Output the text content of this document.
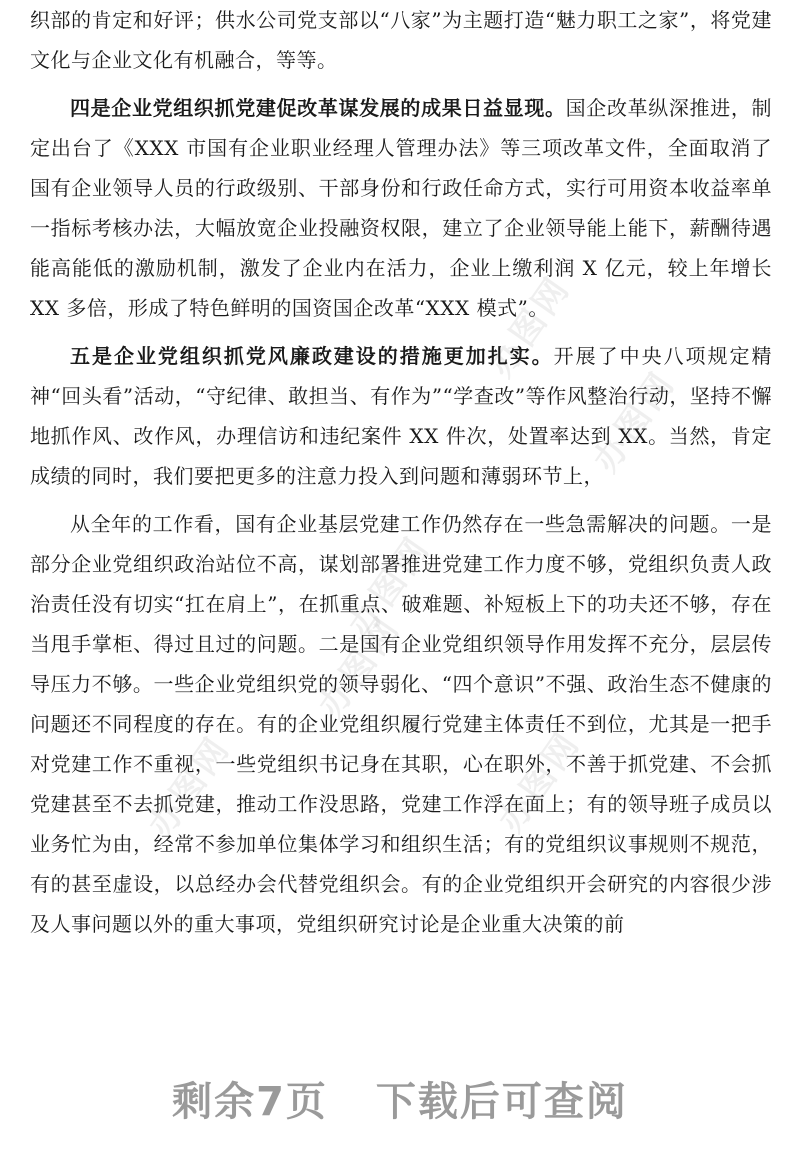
办图网
办图网
办图网
办图网
办图网
办图网

织部的肯定和好评；供水公司党支部以“八家”为主题打造“魅力职工之家”，将党建文化与企业文化有机融合，等等。

四是企业党组织抓党建促改革谋发展的成果日益显现。国企改革纵深推进，制定出台了《XXX 市国有企业职业经理人管理办法》等三项改革文件，全面取消了国有企业领导人员的行政级别、干部身份和行政任命方式，实行可用资本收益率单一指标考核办法，大幅放宽企业投融资权限，建立了企业领导能上能下，薪酬待遇能高能低的激励机制，激发了企业内在活力，企业上缴利润 X 亿元，较上年增长 XX 多倍，形成了特色鲜明的国资国企改革“XXX 模式”。

五是企业党组织抓党风廉政建设的措施更加扎实。开展了中央八项规定精神“回头看”活动，“守纪律、敢担当、有作为”“学查改”等作风整治行动，坚持不懈地抓作风、改作风，办理信访和违纪案件 XX 件次，处置率达到 XX。当然，肯定成绩的同时，我们要把更多的注意力投入到问题和薄弱环节上，

从全年的工作看，国有企业基层党建工作仍然存在一些急需解决的问题。一是部分企业党组织政治站位不高，谋划部署推进党建工作力度不够，党组织负责人政治责任没有切实“扛在肩上”，在抓重点、破难题、补短板上下的功夫还不够，存在当甩手掌柜、得过且过的问题。二是国有企业党组织领导作用发挥不充分，层层传导压力不够。一些企业党组织党的领导弱化、“四个意识”不强、政治生态不健康的问题还不同程度的存在。有的企业党组织履行党建主体责任不到位，尤其是一把手对党建工作不重视，一些党组织书记身在其职，心在职外，不善于抓党建、不会抓党建甚至不去抓党建，推动工作没思路，党建工作浮在面上；有的领导班子成员以业务忙为由，经常不参加单位集体学习和组织生活；有的党组织议事规则不规范，有的甚至虚设，以总经办会代替党组织会。有的企业党组织开会研究的内容很少涉及人事问题以外的重大事项，党组织研究讨论是企业重大决策的前

剩余7页 下载后可查阅
